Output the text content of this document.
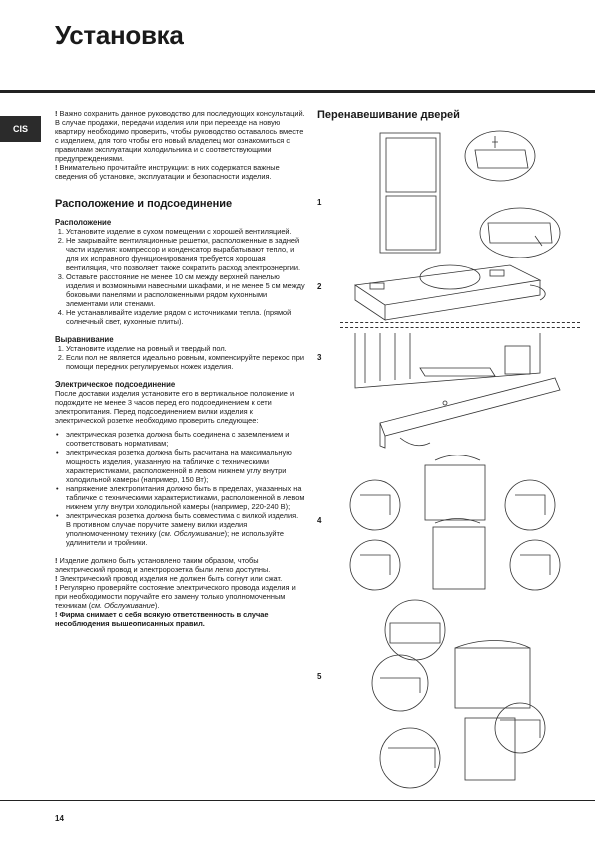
Установка
CIS

! Важно сохранить данное руководство для последующих консультаций. В случае продажи, передачи изделия или при переезде на новую квартиру необходимо проверить, чтобы руководство оставалось вместе с изделием, для того чтобы его новый владелец мог ознакомиться с правилами эксплуатации холодильника и с соответствующими предупреждениями.

! Внимательно прочитайте инструкции: в них содержатся важные сведения об установке, эксплуатации и безопасности изделия.

Расположение и подсоединение

Расположение

1. Установите изделие в сухом помещении с хорошей вентиляцией.
2. Не закрывайте вентиляционные решетки, расположенные в задней части изделия: компрессор и конденсатор вырабатывают тепло, и для их исправного функционирования требуется хорошая вентиляция, что позволяет также сократить расход электроэнергии.
3. Оставьте расстояние не менее 10 см между верхней панелью изделия и возможными навесными шкафами, и не менее 5 см между боковыми панелями и расположенными рядом кухонными элементами или стенами.
4. Не устанавливайте изделие рядом с источниками тепла. (прямой солнечный свет, кухонные плиты).

Выравнивание

1. Установите изделие на ровный и твердый пол.
2. Если пол не является идеально ровным, компенсируйте перекос при помощи передних регулируемых ножек изделия.

Электрическое подсоединение

После доставки изделия установите его в вертикальное положение и подождите не менее 3 часов перед его подсоединением к сети электропитания. Перед подсоединением вилки изделия к электрической розетке необходимо проверить следующее:

• электрическая розетка должна быть соединена с заземлением и соответствовать нормативам;
• электрическая розетка должна быть расчитана на максимальную мощность изделия, указанную на табличке с техническими характеристиками, расположенной в левом нижнем углу внутри холодильной камеры (например, 150 Вт);
• напряжение электропитания должно быть в пределах, указанных на табличке с техническими характеристиками, расположенной в левом нижнем углу внутри холодильной камеры (например, 220-240 В);
• электрическая розетка должна быть совместима с вилкой изделия.
В противном случае поручите замену вилки изделия уполномоченному технику (см. Обслуживание); не используйте удлинители и тройники.

! Изделие должно быть установлено таким образом, чтобы электрический провод и электророзетка были легко доступны.

! Электрический провод изделия не должен быть согнут или сжат.

! Регулярно проверяйте состояние электрического провода изделия и при необходимости поручайте его замену только уполномоченным техникам (см. Обслуживание).

! Фирма снимает с себя всякую ответственность в случае несоблюдения вышеописанных правил.

Перенавешивание дверей
1
2
3
4
5
14
